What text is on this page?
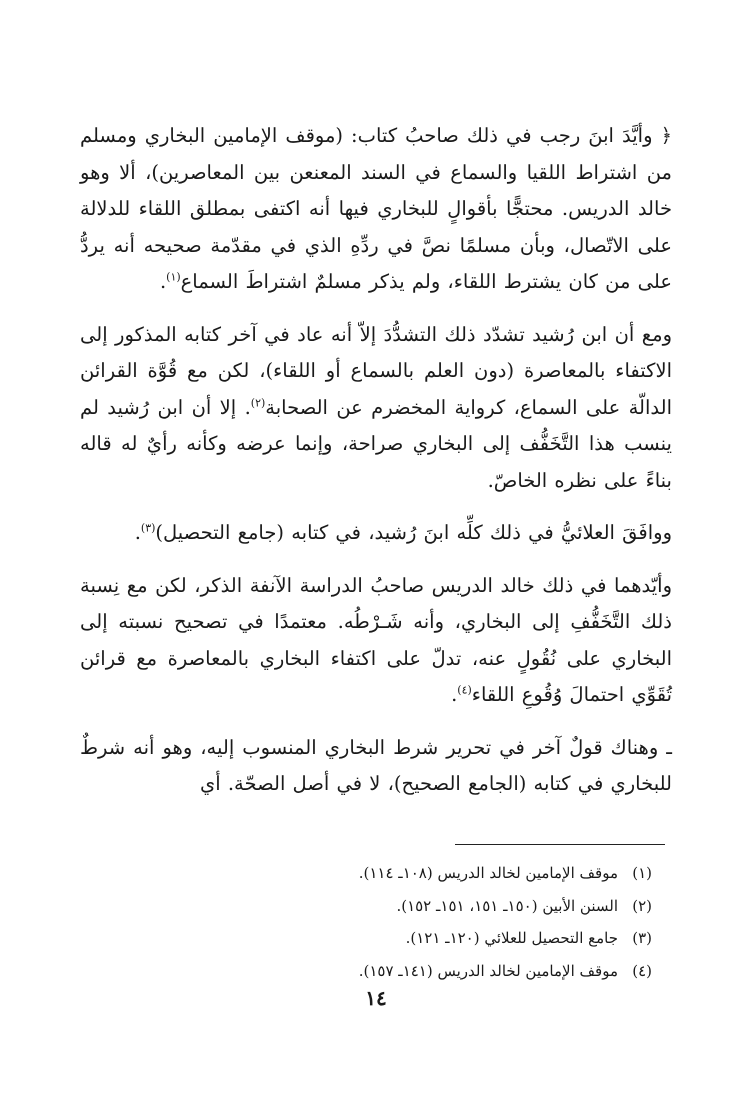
﴿ وأيَّدَ ابنَ رجب في ذلك صاحبُ كتاب: (موقف الإمامين البخاري ومسلم من اشتراط اللقيا والسماع في السند المعنعن بين المعاصرين)، ألا وهو خالد الدريس. محتجًّا بأقوالٍ للبخاري فيها أنه اكتفى بمطلق اللقاء للدلالة على الاتّصال، وبأن مسلمًا نصَّ في ردِّهِ الذي في مقدّمة صحيحه أنه يردُّ على من كان يشترط اللقاء، ولم يذكر مسلمٌ اشتراطَ السماع$^{(١)}$.

ومع أن ابن رُشيد تشدّد ذلك التشدُّدَ إلاّ أنه عاد في آخر كتابه المذكور إلى الاكتفاء بالمعاصرة (دون العلم بالسماع أو اللقاء)، لكن مع قُوَّة القرائن الدالّة على السماع، كرواية المخضرم عن الصحابة$^{(٢)}$. إلا أن ابن رُشيد لم ينسب هذا التَّخَفُّف إلى البخاري صراحة، وإنما عرضه وكأنه رأيٌ له قاله بناءً على نظره الخاصّ.

ووافَقَ العلائيُّ في ذلك كلِّه ابنَ رُشيد، في كتابه (جامع التحصيل)$^{(٣)}$.

وأيّدهما في ذلك خالد الدريس صاحبُ الدراسة الآنفة الذكر، لكن مع نِسبة ذلك التَّخَفُّفِ إلى البخاري، وأنه شَـرْطُه. معتمدًا في تصحيح نسبته إلى البخاري على نُقُولٍ عنه، تدلّ على اكتفاء البخاري بالمعاصرة مع قرائن تُقَوِّي احتمالَ وُقُوعِ اللقاء$^{(٤)}$.

ـ وهناك قولٌ آخر في تحرير شرط البخاري المنسوب إليه، وهو أنه شرطٌ للبخاري في كتابه (الجامع الصحيح)، لا في أصل الصحّة. أي

(١)
موقف الإمامين لخالد الدريس (١٠٨ـ ١١٤).
(٢)
السنن الأبين (١٥٠ـ ١٥١، ١٥١ـ ١٥٢).
(٣)
جامع التحصيل للعلائي (١٢٠ـ ١٢١).
(٤)
موقف الإمامين لخالد الدريس (١٤١ـ ١٥٧).
١٤
